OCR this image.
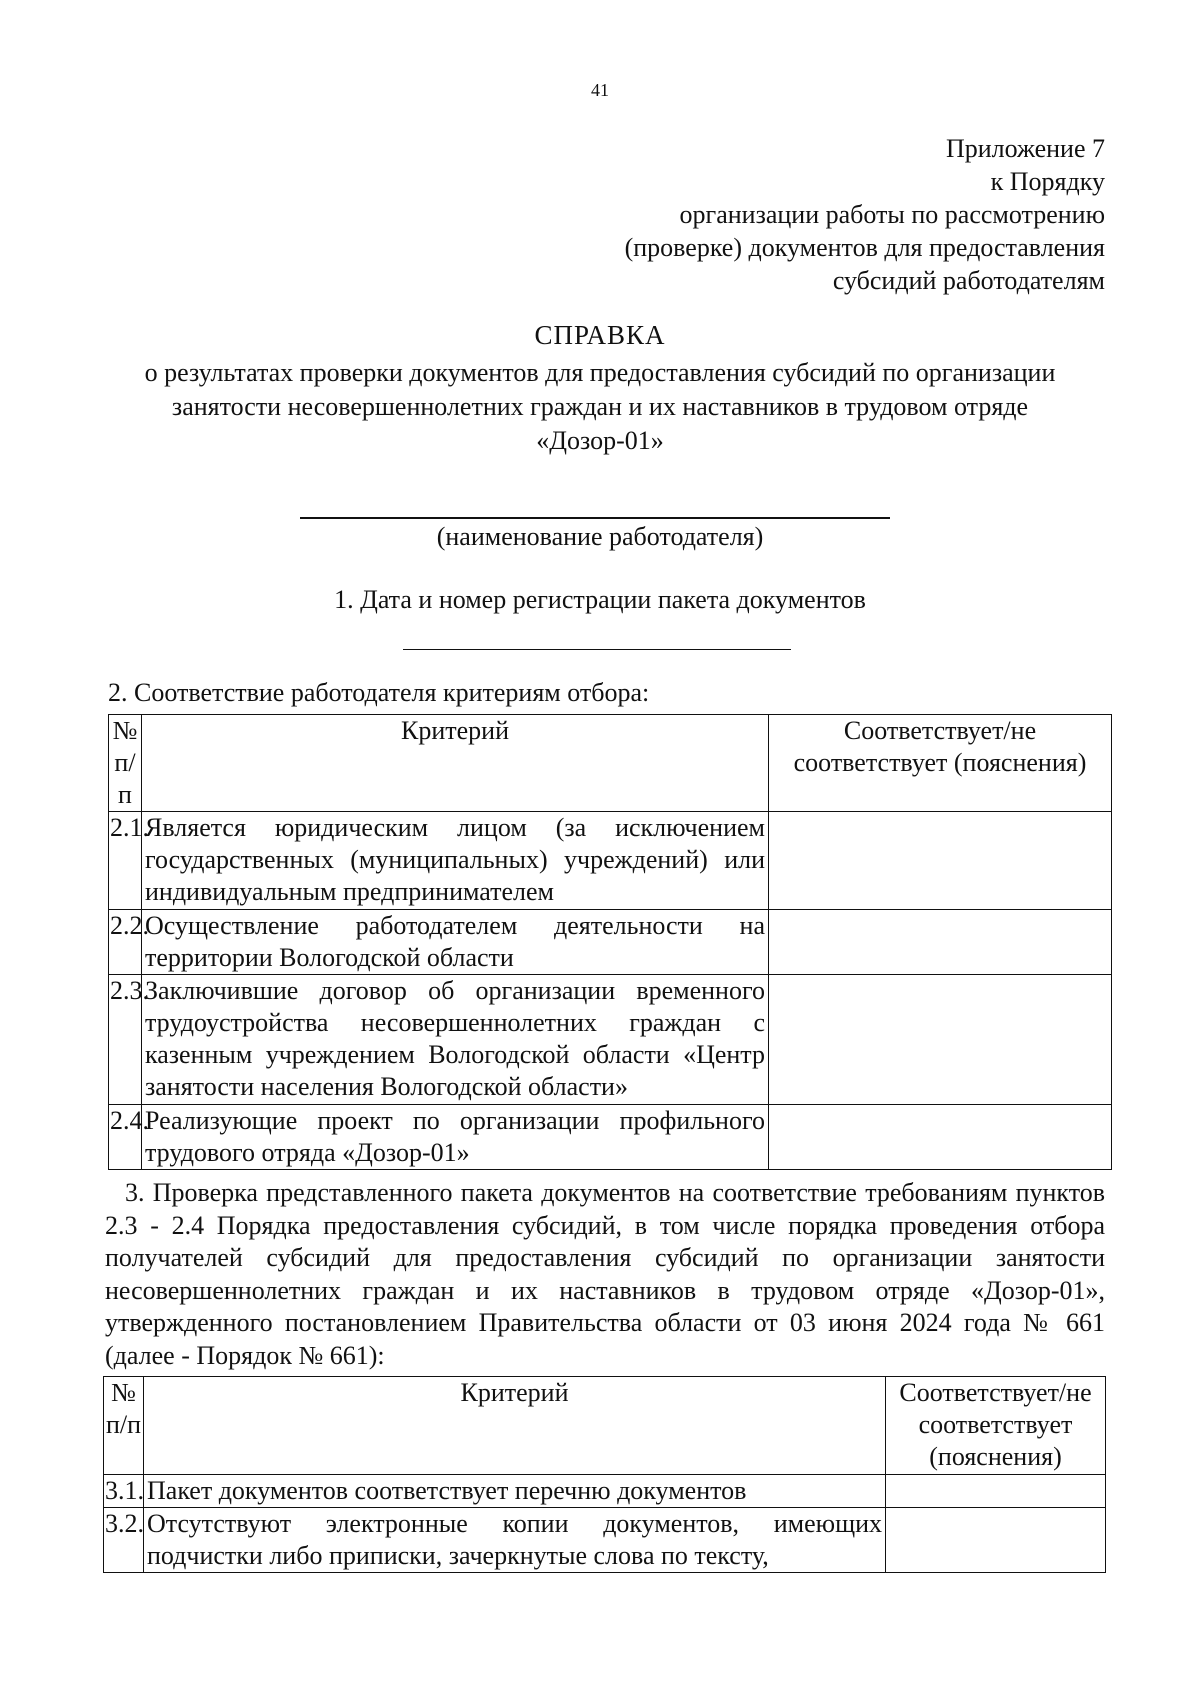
41
Приложение 7
к Порядку
организации работы по рассмотрению
(проверке) документов для предоставления
субсидий работодателям
СПРАВКА
о результатах проверки документов для предоставления субсидий по организации
занятости несовершеннолетних граждан и их наставников в трудовом отряде
«Дозор-01»
(наименование работодателя)
1. Дата и номер регистрации пакета документов
2. Соответствие работодателя критериям отбора:
№ п/п	Критерий	Соответствует/не соответствует (пояснения)
2.1.	Является юридическим лицом (за исключением государственных (муниципальных) учреждений) или индивидуальным предпринимателем	
2.2.	Осуществление работодателем деятельности на территории Вологодской области	
2.3.	Заключившие договор об организации временного трудоустройства несовершеннолетних граждан с казенным учреждением Вологодской области «Центр занятости населения Вологодской области»	
2.4.	Реализующие проект по организации профильного трудового отряда «Дозор-01»	
3. Проверка представленного пакета документов на соответствие требованиям пунктов 2.3 - 2.4 Порядка предоставления субсидий, в том числе порядка проведения отбора получателей субсидий для предоставления субсидий по организации занятости несовершеннолетних граждан и их наставников в трудовом отряде «Дозор-01», утвержденного постановлением Правительства области от 03 июня 2024 года № 661 (далее - Порядок № 661):
№ п/п	Критерий	Соответствует/не соответствует (пояснения)
3.1.	Пакет документов соответствует перечню документов	
3.2.	Отсутствуют электронные копии документов, имеющих подчистки либо приписки, зачеркнутые слова по тексту,	
